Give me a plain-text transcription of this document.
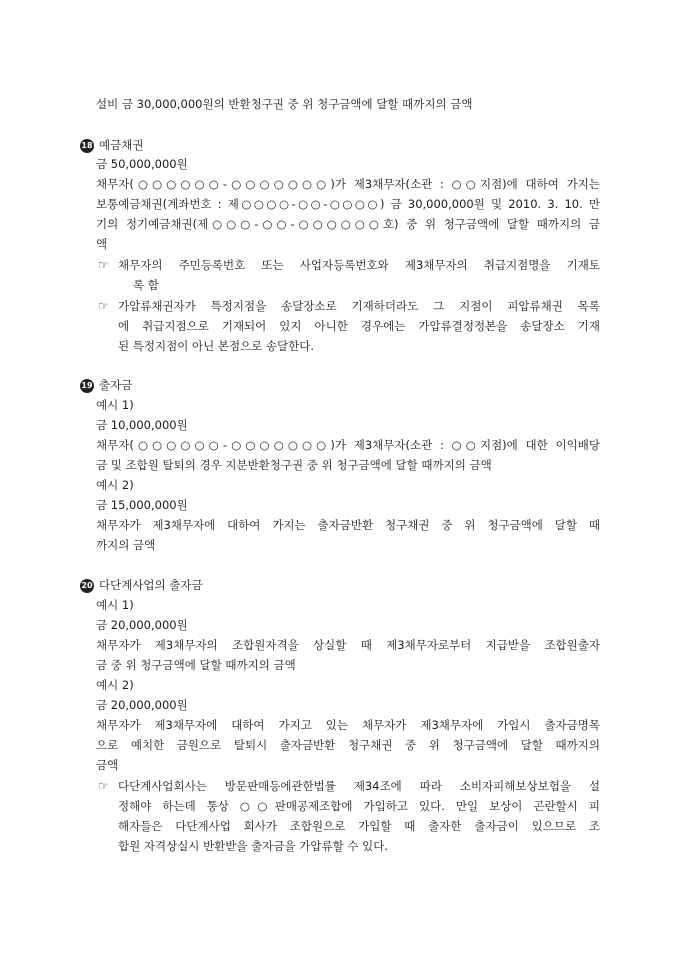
설비 금 30,000,000원의 반환청구권 중 위 청구금액에 달할 때까지의 금액
18 예금채권
금 50,000,000원
채무자(○○○○○○-○○○○○○○)가 제3채무자(소관 : ○○지점)에 대하여 가지는
보통예금채권(계좌번호 : 제○○○○-○○-○○○○) 금 30,000,000원 및 2010. 3. 10. 만
기의 정기예금채권(제○○○-○○-○○○○○○호) 중 위 청구금액에 달할 때까지의 금
액
☞ 채무자의 주민등록번호 또는 사업자등록번호와 제3채무자의 취급지점명을 기재토
록 함
☞ 가압류채권자가 특정지점을 송달장소로 기재하더라도 그 지점이 피압류채권 목록
에 취급지점으로 기재되어 있지 아니한 경우에는 가압류결정정본을 송달장소 기재
된 특정지점이 아닌 본점으로 송달한다.
19 출자금
예시 1)
금 10,000,000원
채무자(○○○○○○-○○○○○○○)가 제3채무자(소관 : ○○지점)에 대한 이익배당
금 및 조합원 탈퇴의 경우 지분반환청구권 중 위 청구금액에 달할 때까지의 금액
예시 2)
금 15,000,000원
채무자가 제3채무자에 대하여 가지는 출자금반환 청구채권 중 위 청구금액에 달할 때
까지의 금액
20 다단계사업의 출자금
예시 1)
금 20,000,000원
채무자가 제3채무자의 조합원자격을 상실할 때 제3채무자로부터 지급받을 조합원출자
금 중 위 청구금액에 달할 때까지의 금액
예시 2)
금 20,000,000원
채무자가 제3채무자에 대하여 가지고 있는 채무자가 제3채무자에 가입시 출자금명목
으로 예치한 금원으로 탈퇴시 출자금반환 청구채권 중 위 청구금액에 달할 때까지의
금액
☞ 다단계사업회사는 방문판매등에관한법률 제34조에 따라 소비자피해보상보험을 설
정해야 하는데 통상 ○○판매공제조합에 가입하고 있다. 만일 보상이 곤란할시 피
해자들은 다단계사업 회사가 조합원으로 가입할 때 출자한 출자금이 있으므로 조
합원 자격상실시 반환받을 출자금을 가압류할 수 있다.
